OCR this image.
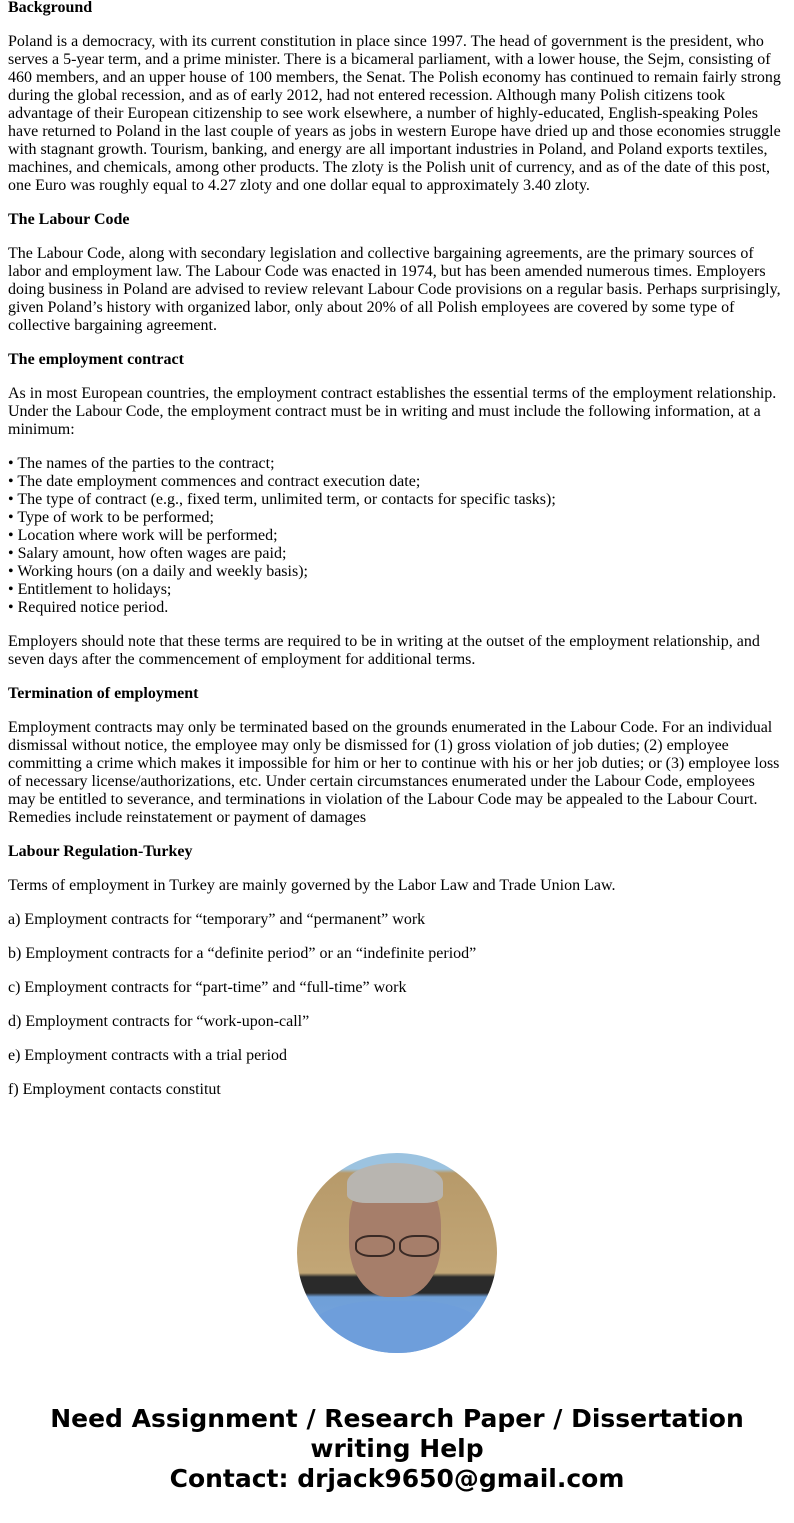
Background

Poland is a democracy, with its current constitution in place since 1997. The head of government is the president, who serves a 5-year term, and a prime minister. There is a bicameral parliament, with a lower house, the Sejm, consisting of 460 members, and an upper house of 100 members, the Senat. The Polish economy has continued to remain fairly strong during the global recession, and as of early 2012, had not entered recession. Although many Polish citizens took advantage of their European citizenship to see work elsewhere, a number of highly-educated, English-speaking Poles have returned to Poland in the last couple of years as jobs in western Europe have dried up and those economies struggle with stagnant growth. Tourism, banking, and energy are all important industries in Poland, and Poland exports textiles, machines, and chemicals, among other products. The zloty is the Polish unit of currency, and as of the date of this post, one Euro was roughly equal to 4.27 zloty and one dollar equal to approximately 3.40 zloty.

The Labour Code

The Labour Code, along with secondary legislation and collective bargaining agreements, are the primary sources of labor and employment law. The Labour Code was enacted in 1974, but has been amended numerous times. Employers doing business in Poland are advised to review relevant Labour Code provisions on a regular basis. Perhaps surprisingly, given Poland’s history with organized labor, only about 20% of all Polish employees are covered by some type of collective bargaining agreement.

The employment contract

As in most European countries, the employment contract establishes the essential terms of the employment relationship. Under the Labour Code, the employment contract must be in writing and must include the following information, at a minimum:

• The names of the parties to the contract;
• The date employment commences and contract execution date;
• The type of contract (e.g., fixed term, unlimited term, or contacts for specific tasks);
• Type of work to be performed;
• Location where work will be performed;
• Salary amount, how often wages are paid;
• Working hours (on a daily and weekly basis);
• Entitlement to holidays;
• Required notice period.

Employers should note that these terms are required to be in writing at the outset of the employment relationship, and seven days after the commencement of employment for additional terms.

Termination of employment

Employment contracts may only be terminated based on the grounds enumerated in the Labour Code. For an individual dismissal without notice, the employee may only be dismissed for (1) gross violation of job duties; (2) employee committing a crime which makes it impossible for him or her to continue with his or her job duties; or (3) employee loss of necessary license/authorizations, etc. Under certain circumstances enumerated under the Labour Code, employees may be entitled to severance, and terminations in violation of the Labour Code may be appealed to the Labour Court. Remedies include reinstatement or payment of damages

Labour Regulation-Turkey

Terms of employment in Turkey are mainly governed by the Labor Law and Trade Union Law.

a) Employment contracts for “temporary” and “permanent” work

b) Employment contracts for a “definite period” or an “indefinite period”

c) Employment contracts for “part-time” and “full-time” work

d) Employment contracts for “work-upon-call”

e) Employment contracts with a trial period

f) Employment contacts constitut

Need Assignment / Research Paper / Dissertation writing Help
Contact: drjack9650@gmail.com
